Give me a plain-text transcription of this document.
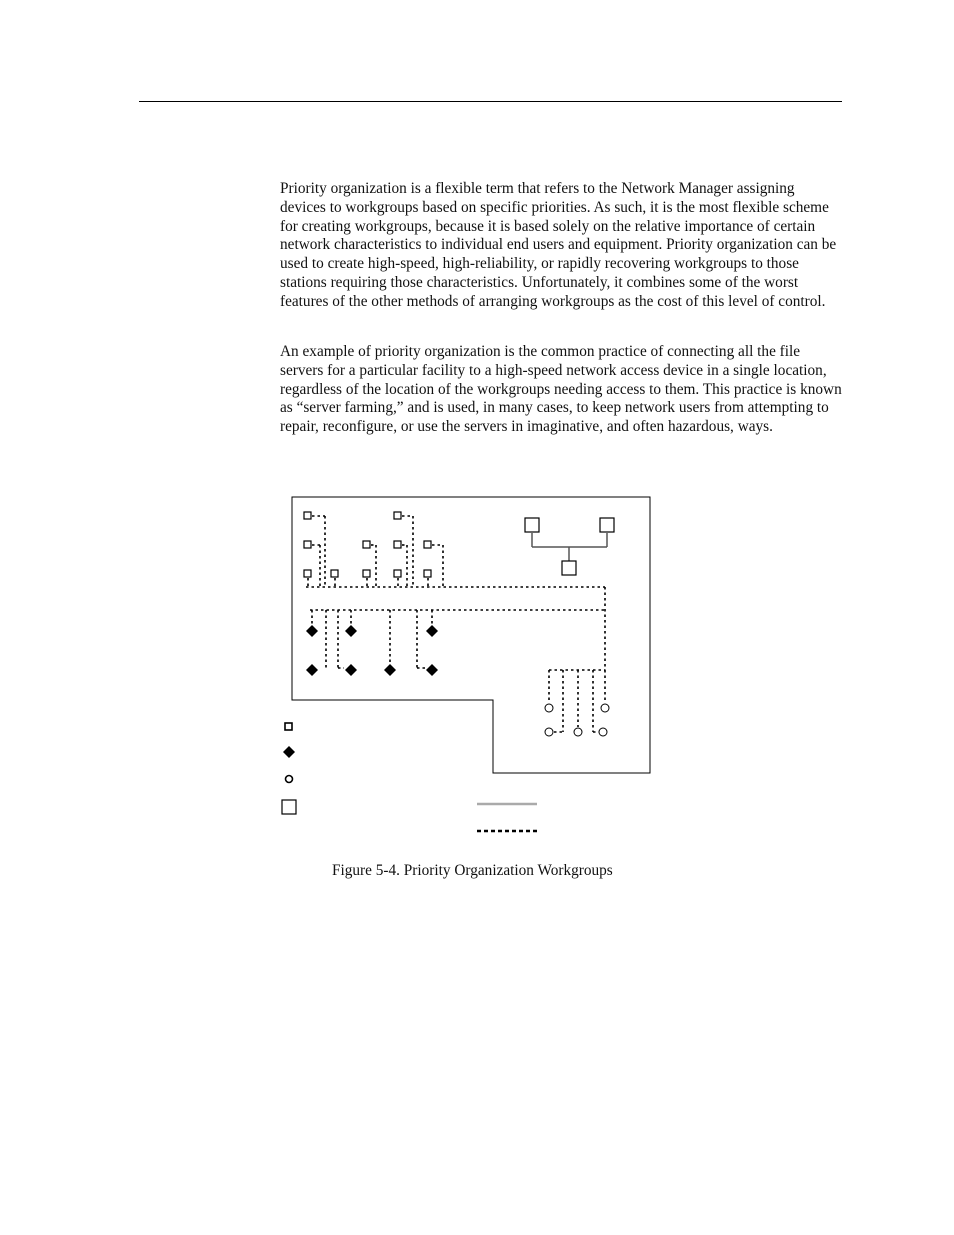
Priority organization is a flexible term that refers to the Network Manager assigning devices to workgroups based on specific priorities. As such, it is the most flexible scheme for creating workgroups, because it is based solely on the relative importance of certain network characteristics to individual end users and equipment. Priority organization can be used to create high-speed, high-reliability, or rapidly recovering workgroups to those stations requiring those characteristics. Unfortunately, it combines some of the worst features of the other methods of arranging workgroups as the cost of this level of control.

An example of priority organization is the common practice of connecting all the file servers for a particular facility to a high-speed network access device in a single location, regardless of the location of the workgroups needing access to them. This practice is known as “server farming,” and is used, in many cases, to keep network users from attempting to repair, reconfigure, or use the servers in imaginative, and often hazardous, ways.

Figure 5-4. Priority Organization Workgroups
